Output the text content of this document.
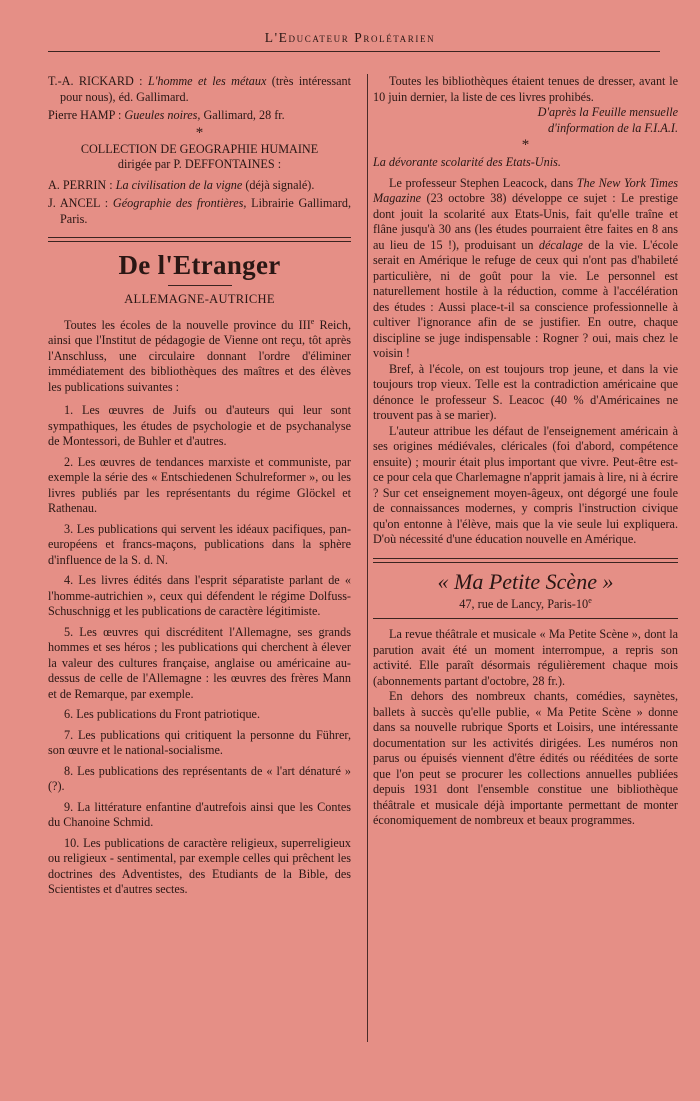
L'Educateur Prolétarien

T.-A. RICKARD : L'homme et les métaux (très intéressant pour nous), éd. Gallimard.

Pierre HAMP : Gueules noires, Gallimard, 28 fr.

*

COLLECTION DE GEOGRAPHIE HUMAINE

dirigée par P. DEFFONTAINES :

A. PERRIN : La civilisation de la vigne (déjà signalé).

J. ANCEL : Géographie des frontières, Librairie Gallimard, Paris.

De l'Etranger
ALLEMAGNE-AUTRICHE

Toutes les écoles de la nouvelle province du IIIe Reich, ainsi que l'Institut de pédagogie de Vienne ont reçu, tôt après l'Anschluss, une circulaire donnant l'ordre d'éliminer immédiatement des bibliothèques des maîtres et des élèves les publications suivantes :

1. Les œuvres de Juifs ou d'auteurs qui leur sont sympathiques, les études de psychologie et de psychanalyse de Montessori, de Buhler et d'autres.

2. Les œuvres de tendances marxiste et communiste, par exemple la série des « Entschiedenen Schulreformer », ou les livres publiés par les représentants du régime Glöckel et Rathenau.

3. Les publications qui servent les idéaux pacifiques, pan-européens et francs-maçons, publications dans la sphère d'influence de la S. d. N.

4. Les livres édités dans l'esprit séparatiste parlant de « l'homme-autrichien », ceux qui défendent le régime Dolfuss-Schuschnigg et les publications de caractère légitimiste.

5. Les œuvres qui discréditent l'Allemagne, ses grands hommes et ses héros ; les publications qui cherchent à élever la valeur des cultures française, anglaise ou américaine au-dessus de celle de l'Allemagne : les œuvres des frères Mann et de Remarque, par exemple.

6. Les publications du Front patriotique.

7. Les publications qui critiquent la personne du Führer, son œuvre et le national-socialisme.

8. Les publications des représentants de « l'art dénaturé » (?).

9. La littérature enfantine d'autrefois ainsi que les Contes du Chanoine Schmid.

10. Les publications de caractère religieux, superreligieux ou religieux - sentimental, par exemple celles qui prêchent les doctrines des Adventistes, des Etudiants de la Bible, des Scientistes et d'autres sectes.

Toutes les bibliothèques étaient tenues de dresser, avant le 10 juin dernier, la liste de ces livres prohibés.

D'après la Feuille mensuelle

d'information de la F.I.A.I.

*

La dévorante scolarité des Etats-Unis.

Le professeur Stephen Leacock, dans The New York Times Magazine (23 octobre 38) développe ce sujet : Le prestige dont jouit la scolarité aux Etats-Unis, fait qu'elle traîne et flâne jusqu'à 30 ans (les études pourraient être faites en 8 ans au lieu de 15 !), produisant un décalage de la vie. L'école serait en Amérique le refuge de ceux qui n'ont pas d'habileté particulière, ni de goût pour la vie. Le personnel est naturellement hostile à la réduction, comme à l'accélération des études : Aussi place-t-il sa conscience professionnelle à cultiver l'ignorance afin de se justifier. En outre, chaque discipline se juge indispensable : Rogner ? oui, mais chez le voisin !

Bref, à l'école, on est toujours trop jeune, et dans la vie toujours trop vieux. Telle est la contradiction américaine que dénonce le professeur S. Leacoc (40 % d'Américaines ne trouvent pas à se marier).

L'auteur attribue les défaut de l'enseignement américain à ses origines médiévales, cléricales (foi d'abord, compétence ensuite) ; mourir était plus important que vivre. Peut-être est-ce pour cela que Charlemagne n'apprit jamais à lire, ni à écrire ? Sur cet enseignement moyen-âgeux, ont dégorgé une foule de connaissances modernes, y compris l'instruction civique qu'on entonne à l'élève, mais que la vie seule lui expliquera. D'où nécessité d'une éducation nouvelle en Amérique.

« Ma Petite Scène »
47, rue de Lancy, Paris-10e

La revue théâtrale et musicale « Ma Petite Scène », dont la parution avait été un moment interrompue, a repris son activité. Elle paraît désormais régulièrement chaque mois (abonnements partant d'octobre, 28 fr.).

En dehors des nombreux chants, comédies, saynètes, ballets à succès qu'elle publie, « Ma Petite Scène » donne dans sa nouvelle rubrique Sports et Loisirs, une intéressante documentation sur les activités dirigées. Les numéros non parus ou épuisés viennent d'être édités ou rééditées de sorte que l'on peut se procurer les collections annuelles publiées depuis 1931 dont l'ensemble constitue une bibliothèque théâtrale et musicale déjà importante permettant de monter économiquement de nombreux et beaux programmes.
